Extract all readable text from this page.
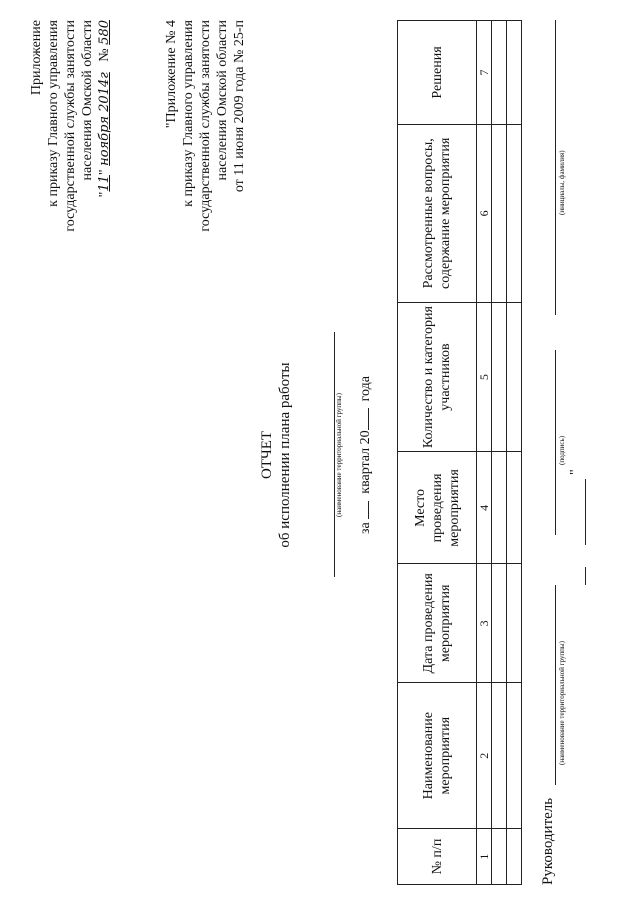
Приложение к приказу Главного управления государственной службы занятости населения Омской области
"11" ноября 2014г   № 580	"Приложение № 4 к приказу Главного управления государственной службы занятости населения Омской области от 11 июня 2009 года № 25-п
ОТЧЕТ об исполнении плана работы	(наименование территориальной группы)
за   квартал 20  года
№ п/п	Наименование мероприятия	Дата проведения мероприятия	Место проведения мероприятия	Количество и категория участников	Рассмотренные вопросы, содержание мероприятия	Решения
1	2	3	4	5	6	7

Руководитель
(наименование территориальной группы)
(подпись)
(инициалы, фамилия)
"
